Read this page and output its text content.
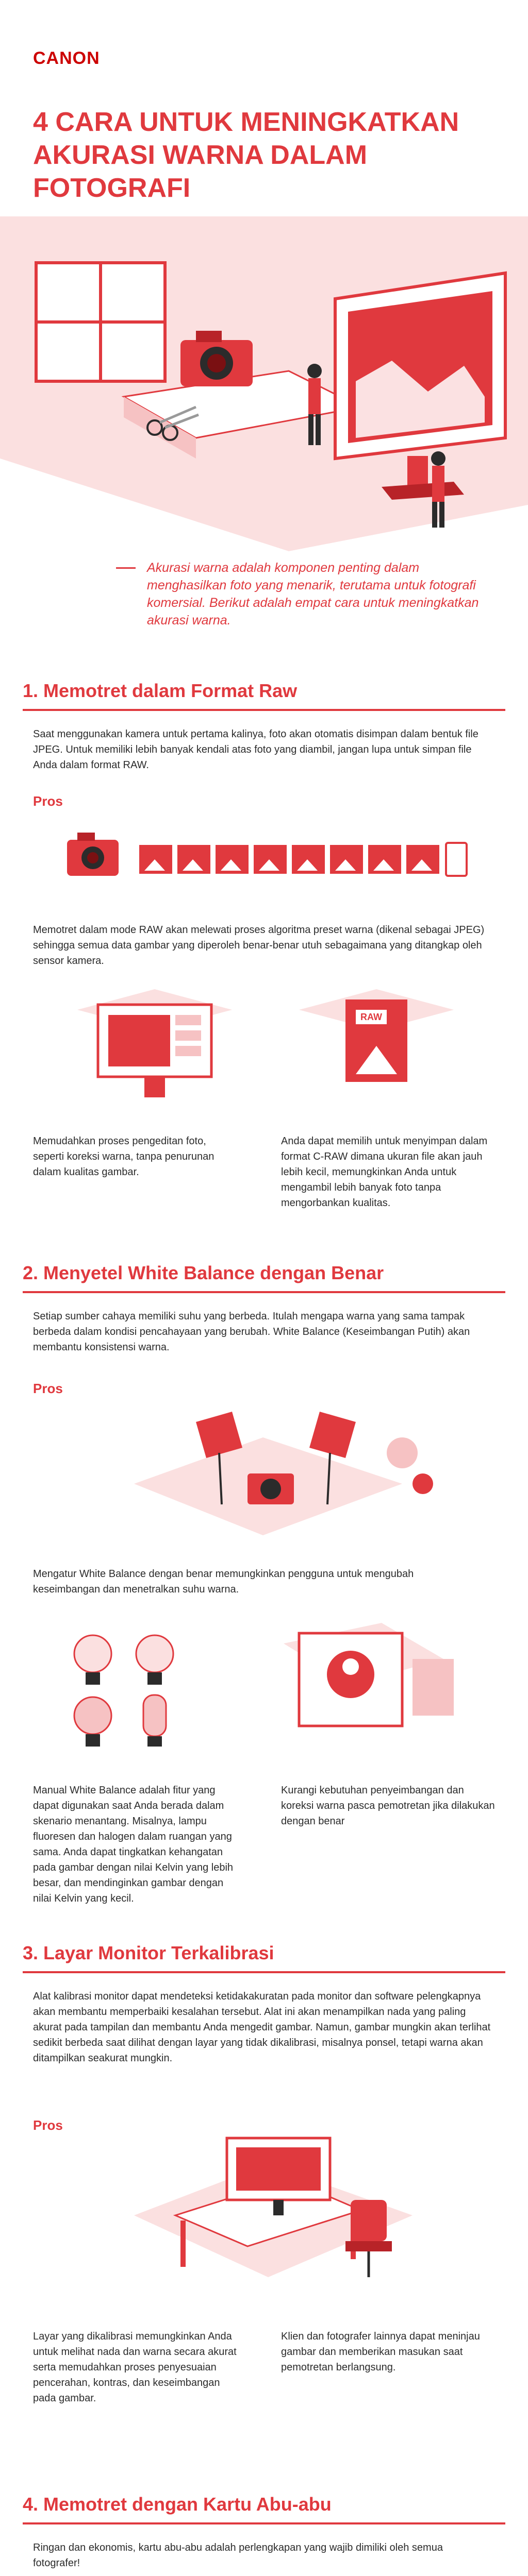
CANON
4 CARA UNTUK MENINGKATKAN AKURASI WARNA DALAM FOTOGRAFI

Akurasi warna adalah komponen penting dalam menghasilkan foto yang menarik, terutama untuk fotografi komersial. Berikut adalah empat cara untuk meningkatkan akurasi warna.

1. Memotret dalam Format Raw

Saat menggunakan kamera untuk pertama kalinya, foto akan otomatis disimpan dalam bentuk file JPEG. Untuk memiliki lebih banyak kendali atas foto yang diambil, jangan lupa untuk simpan file Anda dalam format RAW.

Pros

Memotret dalam mode RAW akan melewati proses algoritma preset warna (dikenal sebagai JPEG) sehingga semua data gambar yang diperoleh benar-benar utuh sebagaimana yang ditangkap oleh sensor kamera.

RAW

Memudahkan proses pengeditan foto, seperti koreksi warna, tanpa penurunan dalam kualitas gambar.

Anda dapat memilih untuk menyimpan dalam format C-RAW dimana ukuran file akan jauh lebih kecil, memungkinkan Anda untuk mengambil lebih banyak foto tanpa mengorbankan kualitas.

2. Menyetel White Balance dengan Benar

Setiap sumber cahaya memiliki suhu yang berbeda. Itulah mengapa warna yang sama tampak berbeda dalam kondisi pencahayaan yang berubah. White Balance (Keseimbangan Putih) akan membantu konsistensi warna.

Pros

Mengatur White Balance dengan benar memungkinkan pengguna untuk mengubah keseimbangan dan menetralkan suhu warna.

Manual White Balance adalah fitur yang dapat digunakan saat Anda berada dalam skenario menantang. Misalnya, lampu fluoresen dan halogen dalam ruangan yang sama. Anda dapat tingkatkan kehangatan pada gambar dengan nilai Kelvin yang lebih besar, dan mendinginkan gambar dengan nilai Kelvin yang kecil.

Kurangi kebutuhan penyeimbangan dan koreksi warna pasca pemotretan jika dilakukan dengan benar

3. Layar Monitor Terkalibrasi

Alat kalibrasi monitor dapat mendeteksi ketidakakuratan pada monitor dan software pelengkapnya akan membantu memperbaiki kesalahan tersebut. Alat ini akan menampilkan nada yang paling akurat pada tampilan dan membantu Anda mengedit gambar. Namun, gambar mungkin akan terlihat sedikit berbeda saat dilihat dengan layar yang tidak dikalibrasi, misalnya ponsel, tetapi warna akan ditampilkan seakurat mungkin.

Pros

Layar yang dikalibrasi memungkinkan Anda untuk melihat nada dan warna secara akurat serta memudahkan proses penyesuaian pencerahan, kontras, dan keseimbangan pada gambar.

Klien dan fotografer lainnya dapat meninjau gambar dan memberikan masukan saat pemotretan berlangsung.

4. Memotret dengan Kartu Abu-abu

Ringan dan ekonomis, kartu abu-abu adalah perlengkapan yang wajib dimiliki oleh semua fotografer!
